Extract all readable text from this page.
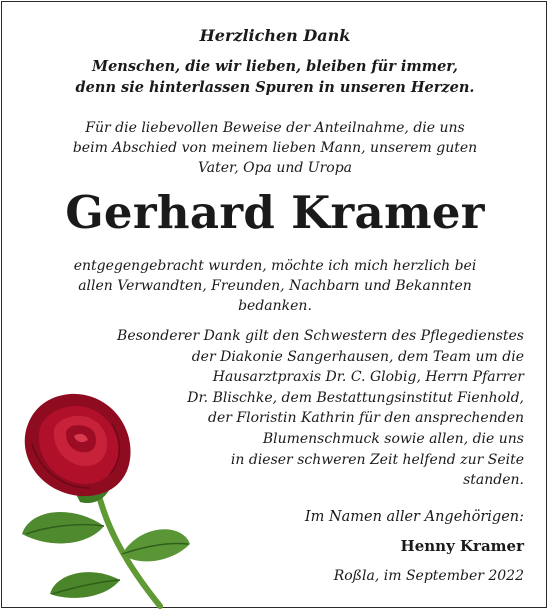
Herzlichen Dank
Menschen, die wir lieben, bleiben für immer,
denn sie hinterlassen Spuren in unseren Herzen.
Für die liebevollen Beweise der Anteilnahme, die uns
beim Abschied von meinem lieben Mann, unserem guten
Vater, Opa und Uropa
Gerhard Kramer
entgegengebracht wurden, möchte ich mich herzlich bei
allen Verwandten, Freunden, Nachbarn und Bekannten
bedanken.
Besonderer Dank gilt den Schwestern des Pflegedienstes
der Diakonie Sangerhausen, dem Team um die
Hausarztpraxis Dr. C. Globig, Herrn Pfarrer
Dr. Blischke, dem Bestattungsinstitut Fienhold,
der Floristin Kathrin für den ansprechenden
Blumenschmuck sowie allen, die uns
in dieser schweren Zeit helfend zur Seite
standen.
Im Namen aller Angehörigen:
Henny Kramer
Roßla, im September 2022
